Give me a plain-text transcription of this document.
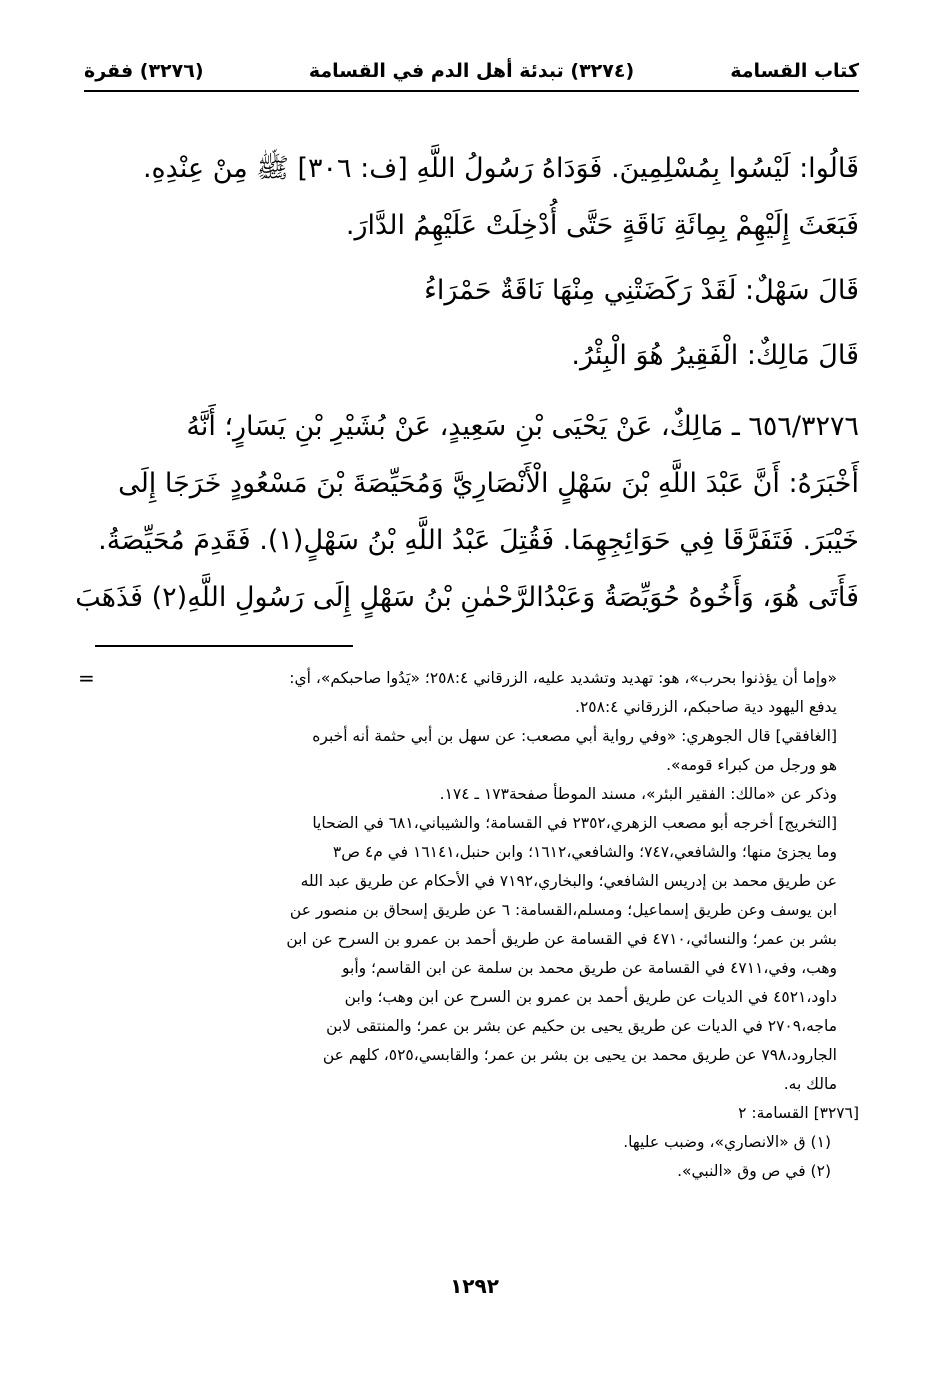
كتاب القسامة
(٣٢٧٤) تبدئة أهل الدم في القسامة
(٣٢٧٦) فقرة
قَالُوا: لَيْسُوا بِمُسْلِمِينَ. فَوَدَاهُ رَسُولُ اللَّهِ [ف: ٣٠٦] ﷺ مِنْ عِنْدِهِ.
فَبَعَثَ إِلَيْهِمْ بِمِائَةِ نَاقَةٍ حَتَّى أُدْخِلَتْ عَلَيْهِمُ الدَّارَ.
قَالَ سَهْلٌ: لَقَدْ رَكَضَتْنِي مِنْهَا نَاقَةٌ حَمْرَاءُ
قَالَ مَالِكٌ: الْفَقِيرُ هُوَ الْبِئْرُ.
٦٥٦/٣٢٧٦ ـ مَالِكٌ، عَنْ يَحْيَى بْنِ سَعِيدٍ، عَنْ بُشَيْرِ بْنِ يَسَارٍ؛ أَنَّهُ
أَخْبَرَهُ: أَنَّ عَبْدَ اللَّهِ بْنَ سَهْلٍ الْأَنْصَارِيَّ وَمُحَيِّصَةَ بْنَ مَسْعُودٍ خَرَجَا إِلَى
خَيْبَرَ. فَتَفَرَّقَا فِي حَوَائِجِهِمَا. فَقُتِلَ عَبْدُ اللَّهِ بْنُ سَهْلٍ(١). فَقَدِمَ مُحَيِّصَةُ.
فَأَتَى هُوَ، وَأَخُوهُ حُوَيِّصَةُ وَعَبْدُالرَّحْمٰنِ بْنُ سَهْلٍ إِلَى رَسُولِ اللَّهِ(٢) فَذَهَبَ
=	«وإما أن يؤذنوا بحرب»، هو: تهديد وتشديد عليه، الزرقاني ٢٥٨:٤؛ «يَدُوا صاحبكم»، أي:
يدفع اليهود دية صاحبكم، الزرقاني ٢٥٨:٤.
[الغافقي] قال الجوهري: «وفي رواية أبي مصعب: عن سهل بن أبي حثمة أنه أخبره
هو ورجل من كبراء قومه».
وذكر عن «مالك: الفقير البئر»، مسند الموطأ صفحة١٧٣ ـ ١٧٤.
[التخريج] أخرجه أبو مصعب الزهري،٢٣٥٢ في القسامة؛ والشيباني،٦٨١ في الضحايا
وما يجزئ منها؛ والشافعي،٧٤٧؛ والشافعي،١٦١٢؛ وابن حنبل،١٦١٤١ في م٤ ص٣
عن طريق محمد بن إدريس الشافعي؛ والبخاري،٧١٩٢ في الأحكام عن طريق عبد الله
ابن يوسف وعن طريق إسماعيل؛ ومسلم،القسامة: ٦ عن طريق إسحاق بن منصور عن
بشر بن عمر؛ والنسائي،٤٧١٠ في القسامة عن طريق أحمد بن عمرو بن السرح عن ابن
وهب، وفي،٤٧١١ في القسامة عن طريق محمد بن سلمة عن ابن القاسم؛ وأبو
داود،٤٥٢١ في الديات عن طريق أحمد بن عمرو بن السرح عن ابن وهب؛ وابن
ماجه،٢٧٠٩ في الديات عن طريق يحيى بن حكيم عن بشر بن عمر؛ والمنتقى لابن
الجارود،٧٩٨ عن طريق محمد بن يحيى بن بشر بن عمر؛ والقابسي،٥٢٥، كلهم عن
مالك به.
[٣٢٧٦] القسامة: ٢
(١) ق «الانصاري»، وضبب عليها.
(٢) في ص وق «النبي».
١٢٩٢
